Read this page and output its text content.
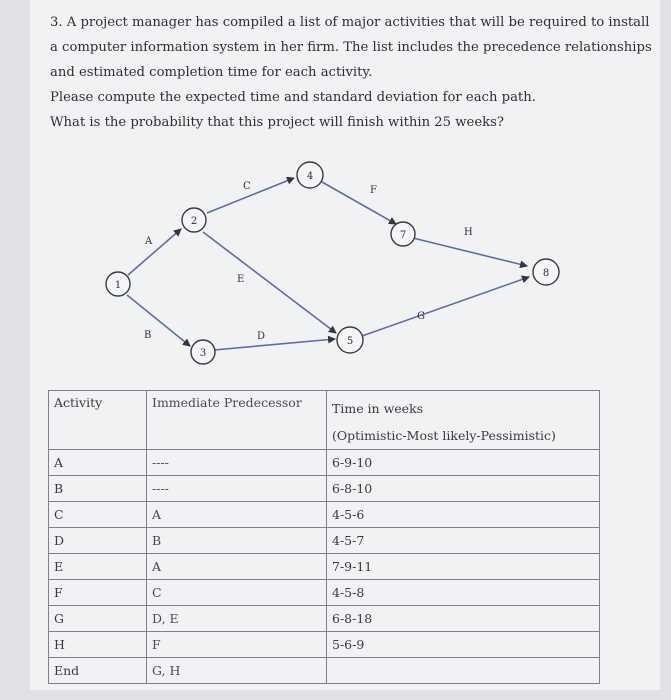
3. A project manager has compiled a list of major activities that will be required to install

a computer information system in her firm. The list includes the precedence relationships

and estimated completion time for each activity.

Please compute the expected time and standard deviation for each path.

What is the probability that this project will finish within 25 weeks?

A
B
C
D
E
F
G
H
1
2
3
4
5
7
8
Activity	Immediate Predecessor	Time in weeks
(Optimistic-Most likely-Pessimistic)

A	----	6-9-10
B	----	6-8-10
C	A	4-5-6
D	B	4-5-7
E	A	7-9-11
F	C	4-5-8
G	D, E	6-8-18
H	F	5-6-9
End	G, H	
